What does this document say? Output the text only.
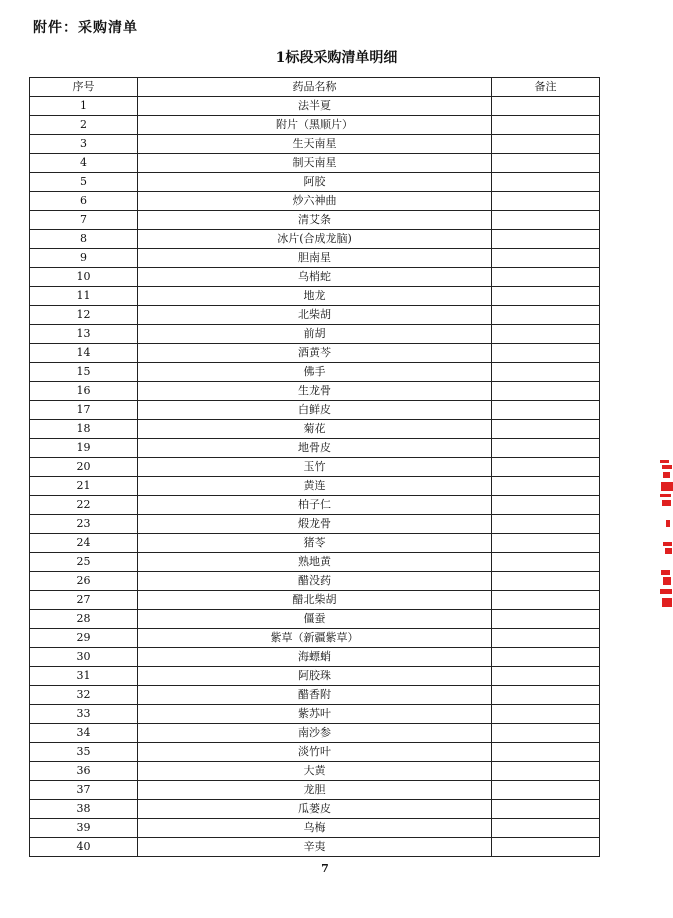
附件：采购清单
1标段采购清单明细
序号	药品名称	备注
1	法半夏	
2	附片（黑顺片）	
3	生天南星	
4	制天南星	
5	阿胶	
6	炒六神曲	
7	清艾条	
8	冰片(合成龙脑)	
9	胆南星	
10	乌梢蛇	
11	地龙	
12	北柴胡	
13	前胡	
14	酒黄芩	
15	佛手	
16	生龙骨	
17	白鲜皮	
18	菊花	
19	地骨皮	
20	玉竹	
21	黄连	
22	柏子仁	
23	煅龙骨	
24	猪苓	
25	熟地黄	
26	醋没药	
27	醋北柴胡	
28	僵蚕	
29	紫草（新疆紫草）	
30	海螵蛸	
31	阿胶珠	
32	醋香附	
33	紫苏叶	
34	南沙参	
35	淡竹叶	
36	大黄	
37	龙胆	
38	瓜蒌皮	
39	乌梅	
40	辛夷	
7
